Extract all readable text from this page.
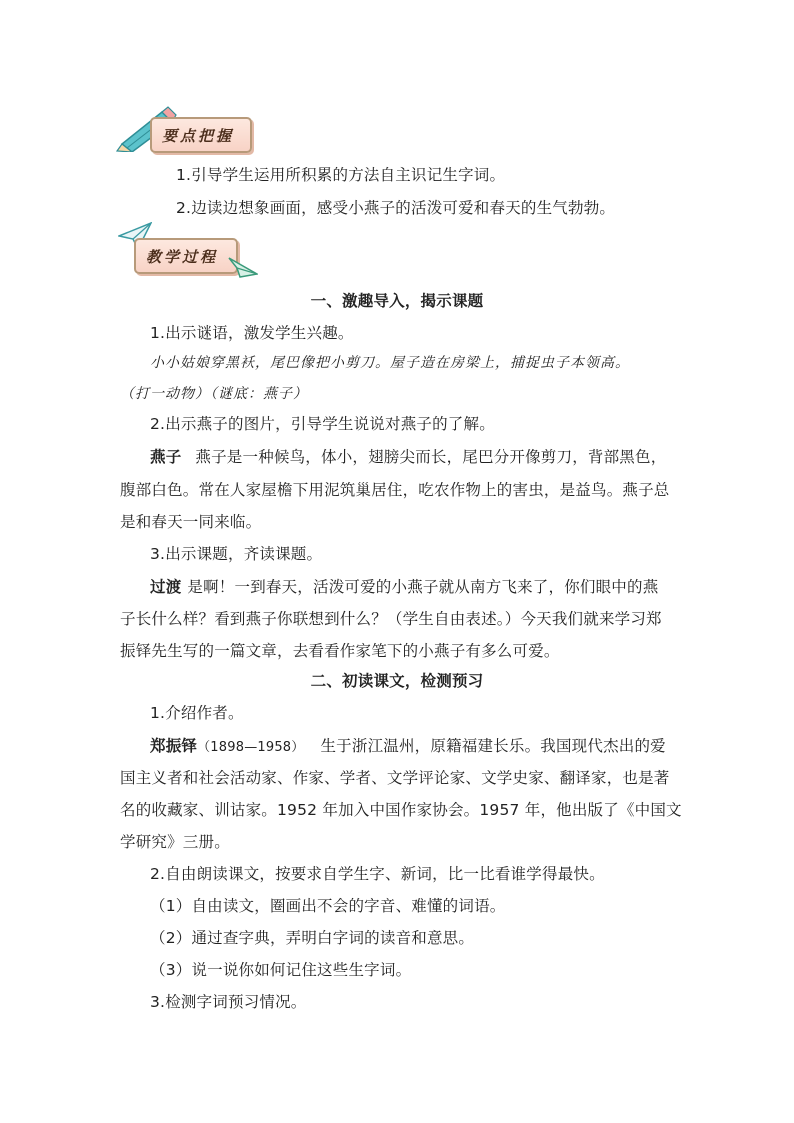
要点把握
1.引导学生运用所积累的方法自主识记生字词。
2.边读边想象画面，感受小燕子的活泼可爱和春天的生气勃勃。
教学过程
一、激趣导入，揭示课题
1.出示谜语，激发学生兴趣。
小小姑娘穿黑袄，尾巴像把小剪刀。屋子造在房梁上，捕捉虫子本领高。
（打一动物）（谜底：燕子）
2.出示燕子的图片，引导学生说说对燕子的了解。
燕子 燕子是一种候鸟，体小，翅膀尖而长，尾巴分开像剪刀，背部黑色，
腹部白色。常在人家屋檐下用泥筑巢居住，吃农作物上的害虫，是益鸟。燕子总
是和春天一同来临。
3.出示课题，齐读课题。
过渡 是啊！一到春天，活泼可爱的小燕子就从南方飞来了，你们眼中的燕
子长什么样？看到燕子你联想到什么？（学生自由表述。）今天我们就来学习郑
振铎先生写的一篇文章，去看看作家笔下的小燕子有多么可爱。
二、初读课文，检测预习
1.介绍作者。
郑振铎（1898—1958） 生于浙江温州，原籍福建长乐。我国现代杰出的爱
国主义者和社会活动家、作家、学者、文学评论家、文学史家、翻译家，也是著
名的收藏家、训诂家。1952 年加入中国作家协会。1957 年，他出版了《中国文
学研究》三册。
2.自由朗读课文，按要求自学生字、新词，比一比看谁学得最快。
（1）自由读文，圈画出不会的字音、难懂的词语。
（2）通过查字典，弄明白字词的读音和意思。
（3）说一说你如何记住这些生字词。
3.检测字词预习情况。
